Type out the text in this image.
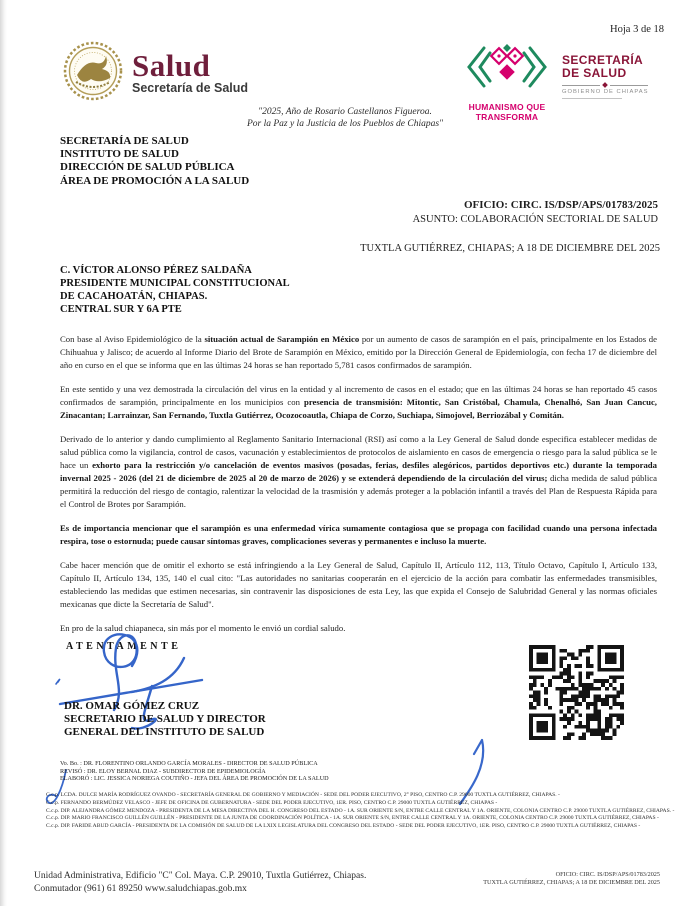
Hoja 3 de 18
Salud
Secretaría de Salud
HUMANISMO QUE
TRANSFORMA
SECRETARÍA
DE SALUD
GOBIERNO DE CHIAPAS
"2025, Año de Rosario Castellanos Figueroa.
Por la Paz y la Justicia de los Pueblos de Chiapas"
SECRETARÍA DE SALUD
INSTITUTO DE SALUD
DIRECCIÓN DE SALUD PÚBLICA
ÁREA DE PROMOCIÓN A LA SALUD
OFICIO: CIRC. IS/DSP/APS/01783/2025
ASUNTO: COLABORACIÓN SECTORIAL DE SALUD
TUXTLA GUTIÉRREZ, CHIAPAS; A 18 DE DICIEMBRE DEL 2025
C. VÍCTOR ALONSO PÉREZ SALDAÑA
PRESIDENTE MUNICIPAL CONSTITUCIONAL
DE CACAHOATÁN, CHIAPAS.
CENTRAL SUR Y 6A PTE

Con base al Aviso Epidemiológico de la situación actual de Sarampión en México por un aumento de casos de sarampión en el país, principalmente en los Estados de Chihuahua y Jalisco; de acuerdo al Informe Diario del Brote de Sarampión en México, emitido por la Dirección General de Epidemiología, con fecha 17 de diciembre del año en curso en el que se informa que en las últimas 24 horas se han reportado 5,781 casos confirmados de sarampión.

En este sentido y una vez demostrada la circulación del virus en la entidad y al incremento de casos en el estado; que en las últimas 24 horas se han reportado 45 casos confirmados de sarampión, principalmente en los municipios con presencia de transmisión: Mitontic, San Cristóbal, Chamula, Chenalhó, San Juan Cancuc, Zinacantan; Larrainzar, San Fernando, Tuxtla Gutiérrez, Ocozocoautla, Chiapa de Corzo, Suchiapa, Simojovel, Berriozábal y Comitán.

Derivado de lo anterior y dando cumplimiento al Reglamento Sanitario Internacional (RSI) así como a la Ley General de Salud donde especifica establecer medidas de salud pública como la vigilancia, control de casos, vacunación y establecimientos de protocolos de aislamiento en casos de emergencia o riesgo para la salud pública se le hace un exhorto para la restricción y/o cancelación de eventos masivos (posadas, ferias, desfiles alegóricos, partidos deportivos etc.) durante la temporada invernal 2025 - 2026 (del 21 de diciembre de 2025 al 20 de marzo de 2026) y se extenderá dependiendo de la circulación del virus; dicha medida de salud pública permitirá la reducción del riesgo de contagio, ralentizar la velocidad de la trasmisión y además proteger a la población infantil a través del Plan de Respuesta Rápida para el Control de Brotes por Sarampión.

Es de importancia mencionar que el sarampión es una enfermedad vírica sumamente contagiosa que se propaga con facilidad cuando una persona infectada respira, tose o estornuda; puede causar síntomas graves, complicaciones severas y permanentes e incluso la muerte.

Cabe hacer mención que de omitir el exhorto se está infringiendo a la Ley General de Salud, Capítulo II, Artículo 112, 113, Título Octavo, Capítulo I, Artículo 133, Capítulo II, Artículo 134, 135, 140 el cual cito: "Las autoridades no sanitarias cooperarán en el ejercicio de la acción para combatir las enfermedades transmisibles, estableciendo las medidas que estimen necesarias, sin contravenir las disposiciones de esta Ley, las que expida el Consejo de Salubridad General y las normas oficiales mexicanas que dicte la Secretaría de Salud".

En pro de la salud chiapaneca, sin más por el momento le envió un cordial saludo.

ATENTAMENTE
DR. OMAR GÓMEZ CRUZ
SECRETARIO DE SALUD Y DIRECTOR
GENERAL DEL INSTITUTO DE SALUD
Vo. Bo. : DR. FLORENTINO ORLANDO GARCÍA MORALES - DIRECTOR DE SALUD PÚBLICA
REVISÓ : DR. ELOY BERNAL DIAZ - SUBDIRECTOR DE EPIDEMIOLOGÍA
ELABORÓ : LIC. JESSICA NORIEGA COUTIÑO - JEFA DEL ÁREA DE PROMOCIÓN DE LA SALUD
C.c.p. LCDA. DULCE MARÍA RODRÍGUEZ OVANDO - SECRETARÍA GENERAL DE GOBIERNO Y MEDIACIÓN - SEDE DEL PODER EJECUTIVO, 2° PISO, CENTRO C.P. 29000 TUXTLA GUTIÉRREZ, CHIAPAS. -
C.c.p. FERNANDO BERMÚDEZ VELASCO - JEFE DE OFICINA DE GUBERNATURA - SEDE DEL PODER EJECUTIVO, 1ER. PISO, CENTRO C.P. 29000 TUXTLA GUTIÉRREZ, CHIAPAS -
C.c.p. DIP. ALEJANDRA GÓMEZ MENDOZA - PRESIDENTA DE LA MESA DIRECTIVA DEL H. CONGRESO DEL ESTADO - 1A. SUR ORIENTE S/N, ENTRE CALLE CENTRAL Y 1A. ORIENTE, COLONIA CENTRO C.P. 29000 TUXTLA GUTIÉRREZ, CHIAPAS. -
C.c.p. DIP. MARIO FRANCISCO GUILLÉN GUILLÉN - PRESIDENTE DE LA JUNTA DE COORDINACIÓN POLÍTICA - 1A. SUR ORIENTE S/N, ENTRE CALLE CENTRAL Y 1A. ORIENTE, COLONIA CENTRO C.P. 29000 TUXTLA GUTIÉRREZ, CHIAPAS -
C.c.p. DIP. FARIDE ABUD GARCÍA - PRESIDENTA DE LA COMISIÓN DE SALUD DE LA LXIX LEGISLATURA DEL CONGRESO DEL ESTADO - SEDE DEL PODER EJECUTIVO, 1ER. PISO, CENTRO C.P. 29000 TUXTLA GUTIÉRREZ, CHIAPAS -
Unidad Administrativa, Edificio "C" Col. Maya. C.P. 29010, Tuxtla Gutiérrez, Chiapas.
Conmutador (961) 61 89250 www.saludchiapas.gob.mx
OFICIO: CIRC. IS/DSP/APS/01783/2025
TUXTLA GUTIÉRREZ, CHIAPAS; A 18 DE DICIEMBRE DEL 2025
